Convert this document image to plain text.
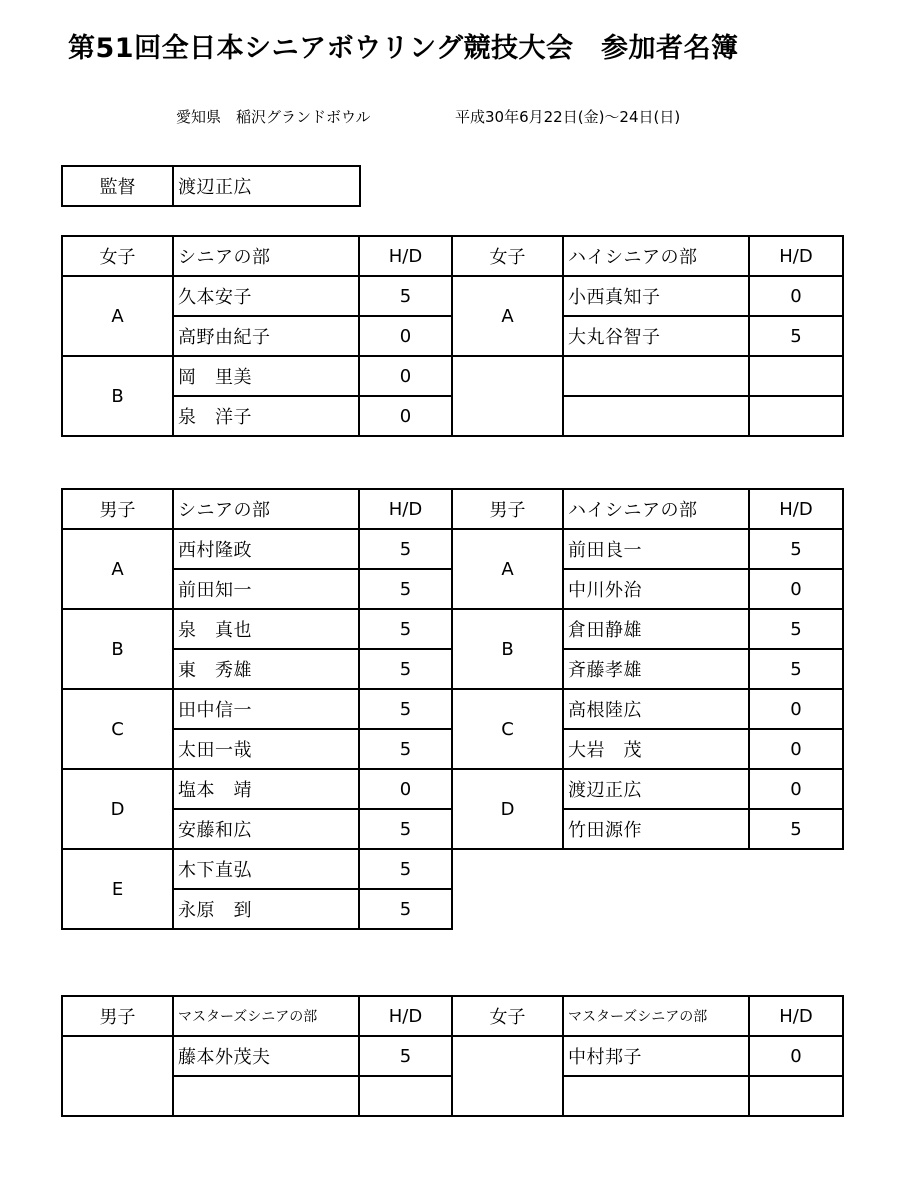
第51回全日本シニアボウリング競技大会　参加者名簿
愛知県　稲沢グランドボウル	平成30年6月22日(金)～24日(日)
監督	渡辺正広
女子	シニアの部	H/D	女子	ハイシニアの部	H/D
A	久本安子	5	A	小西真知子	0
	高野由紀子	0		大丸谷智子	5
B	岡　里美	0			
	泉　洋子	0			
男子	シニアの部	H/D	男子	ハイシニアの部	H/D
A	西村隆政	5	A	前田良一	5
	前田知一	5		中川外治	0
B	泉　真也	5	B	倉田静雄	5
	東　秀雄	5		斉藤孝雄	5
C	田中信一	5	C	高根陸広	0
	太田一哉	5		大岩　茂	0
D	塩本　靖	0	D	渡辺正広	0
	安藤和広	5		竹田源作	5
E	木下直弘	5			
	永原　到	5			
男子	マスターズシニアの部	H/D	女子	マスターズシニアの部	H/D
	藤本外茂夫	5		中村邦子	0
